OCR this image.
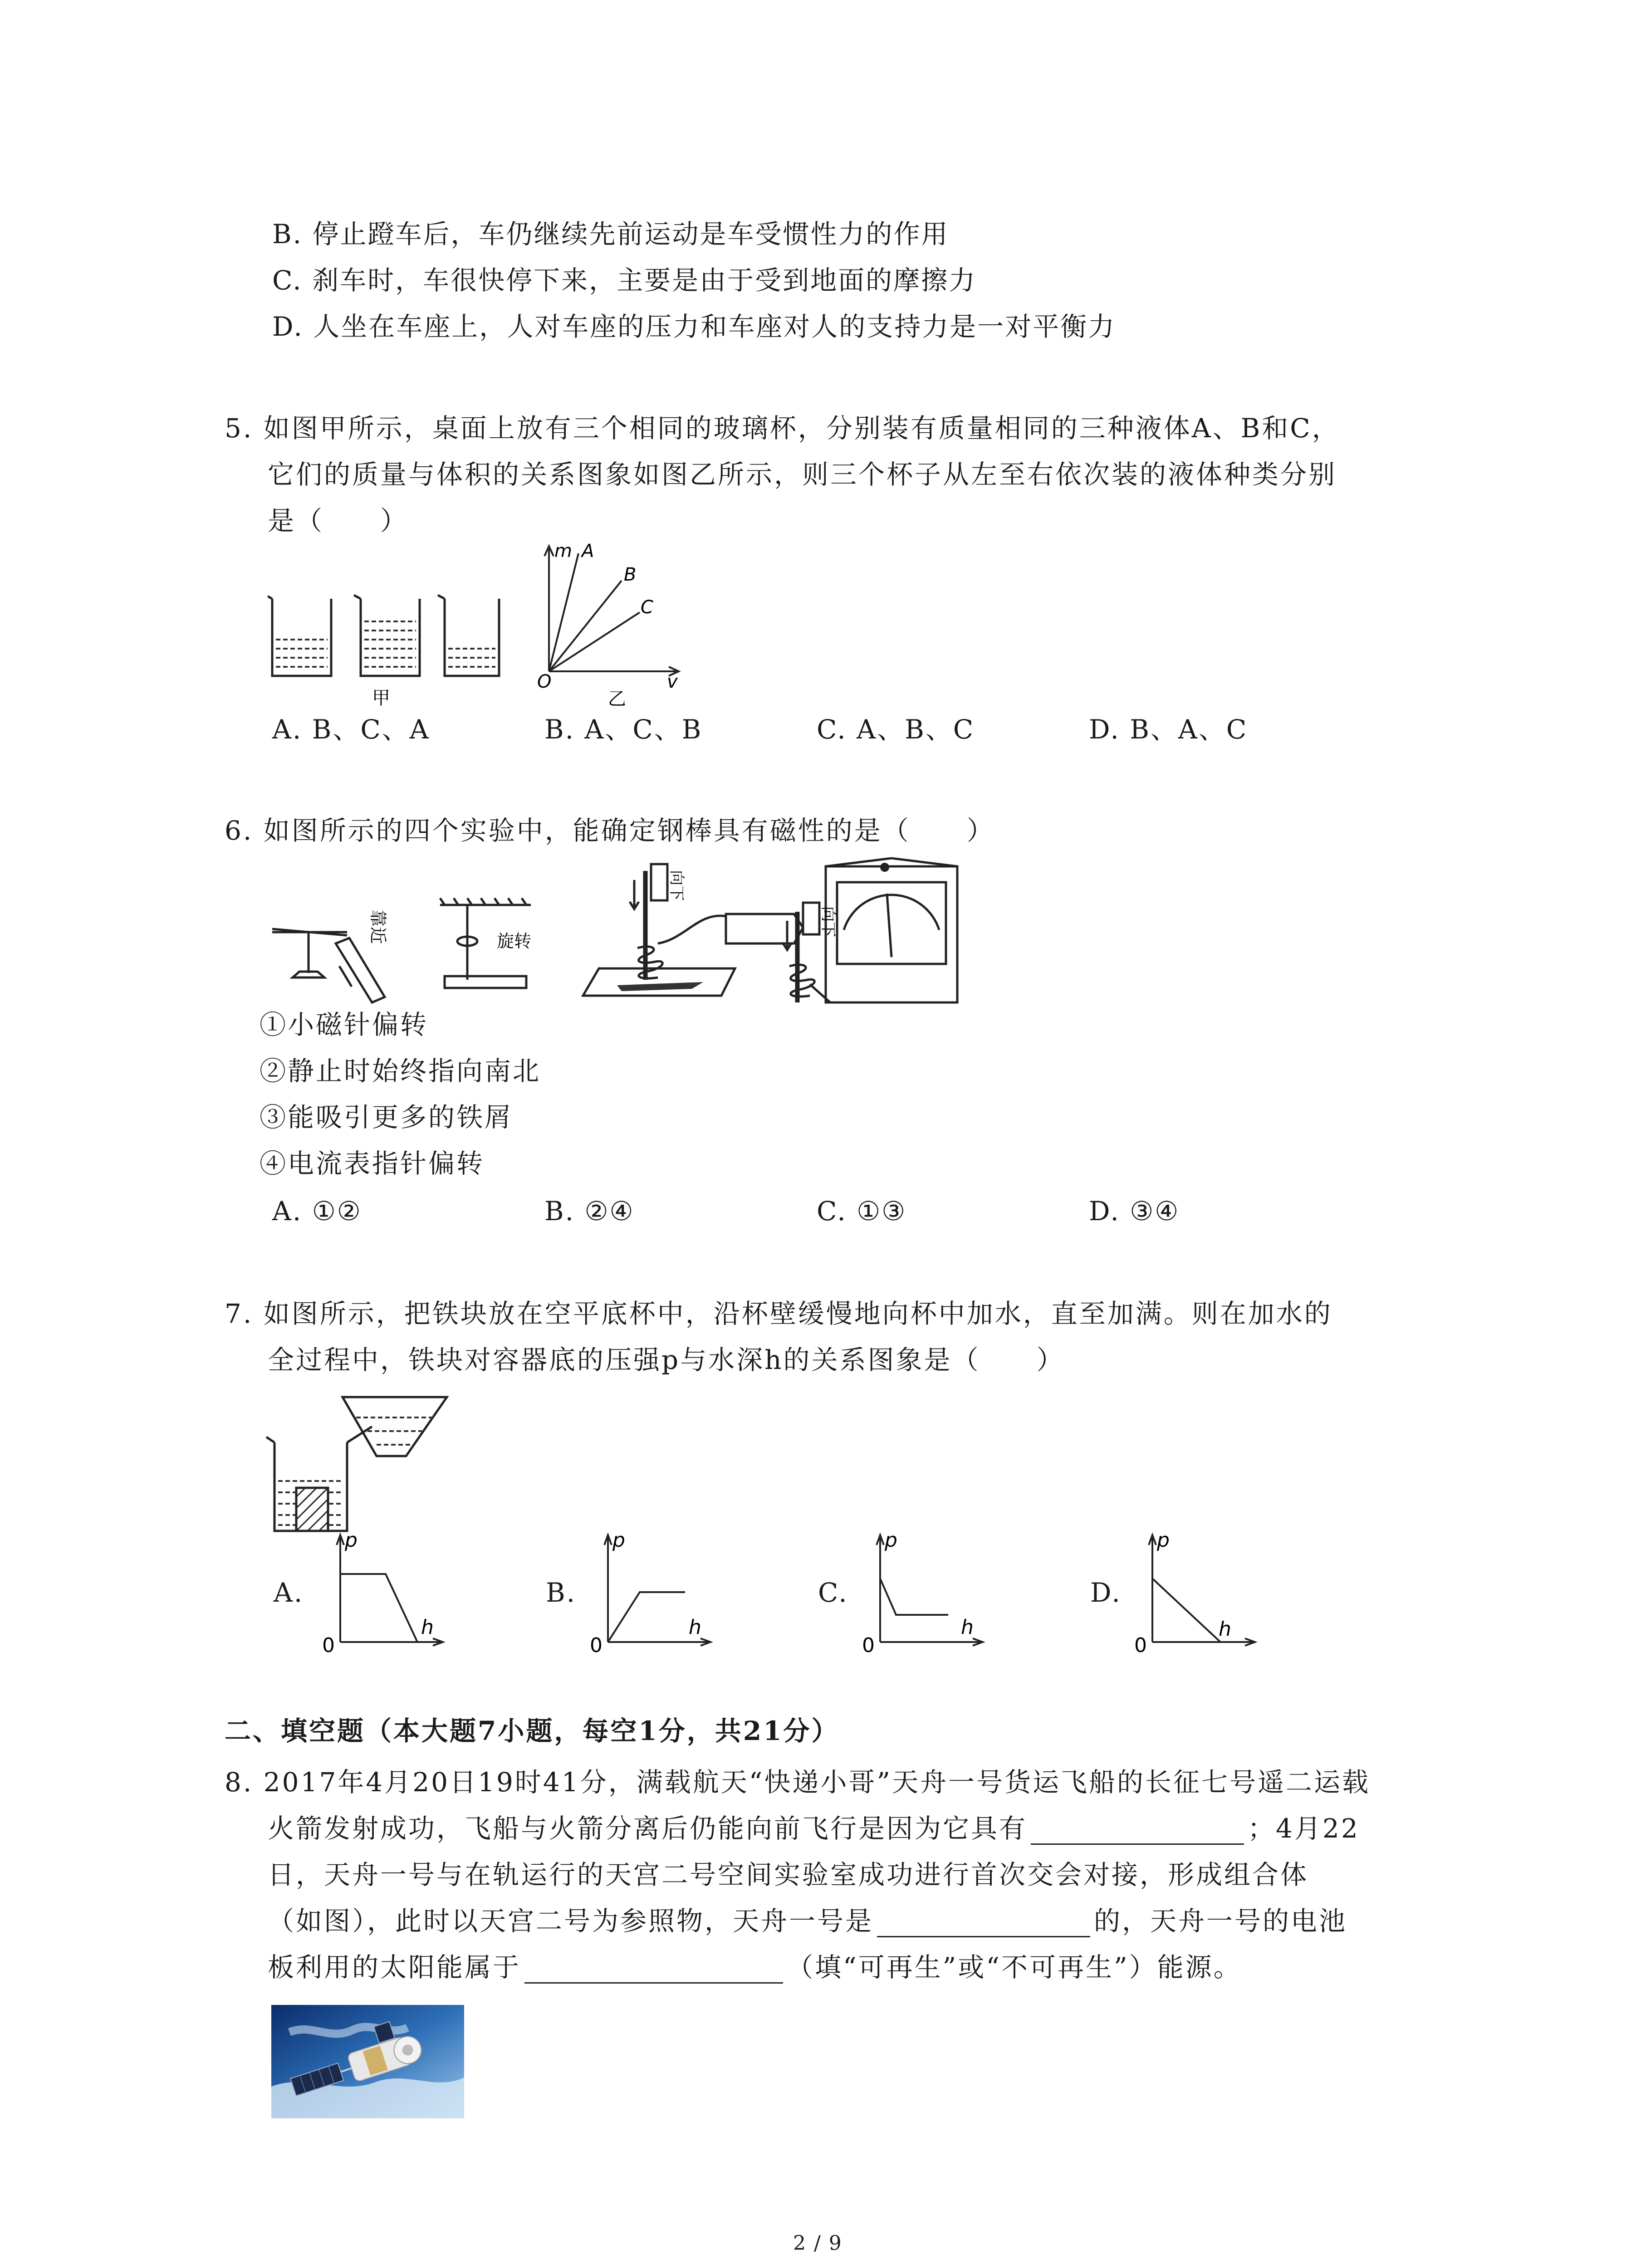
B. 停止蹬车后，车仍继续先前运动是车受惯性力的作用
C. 刹车时，车很快停下来，主要是由于受到地面的摩擦力
D. 人坐在车座上，人对车座的压力和车座对人的支持力是一对平衡力
5. 如图甲所示，桌面上放有三个相同的玻璃杯，分别装有质量相同的三种液体A、B和C，
它们的质量与体积的关系图象如图乙所示，则三个杯子从左至右依次装的液体种类分别
是（　　）
甲
m A
B
C
O	v
乙
A. B、C、A	B. A、C、B	C. A、B、C	D. B、A、C
6. 如图所示的四个实验中，能确定钢棒具有磁性的是（　　）
靠近	旋转
向下
向下
①小磁针偏转
②静止时始终指向南北
③能吸引更多的铁屑
④电流表指针偏转
A. ①②	B. ②④	C. ①③	D. ③④
7. 如图所示，把铁块放在空平底杯中，沿杯壁缓慢地向杯中加水，直至加满。则在加水的
全过程中，铁块对容器底的压强p与水深h的关系图象是（　　）
A.
p
h
0
B.
p
h
0
C.
p
h
0
D.
p
h
0
二、填空题（本大题7小题，每空1分，共21分）
8. 2017年4月20日19时41分，满载航天“快递小哥”天舟一号货运飞船的长征七号遥二运载
火箭发射成功，飞船与火箭分离后仍能向前飞行是因为它具有	；4月22
日，天舟一号与在轨运行的天宫二号空间实验室成功进行首次交会对接，形成组合体
（如图），此时以天宫二号为参照物，天舟一号是	的，天舟一号的电池
板利用的太阳能属于	（填“可再生”或“不可再生”）能源。
2 / 9
